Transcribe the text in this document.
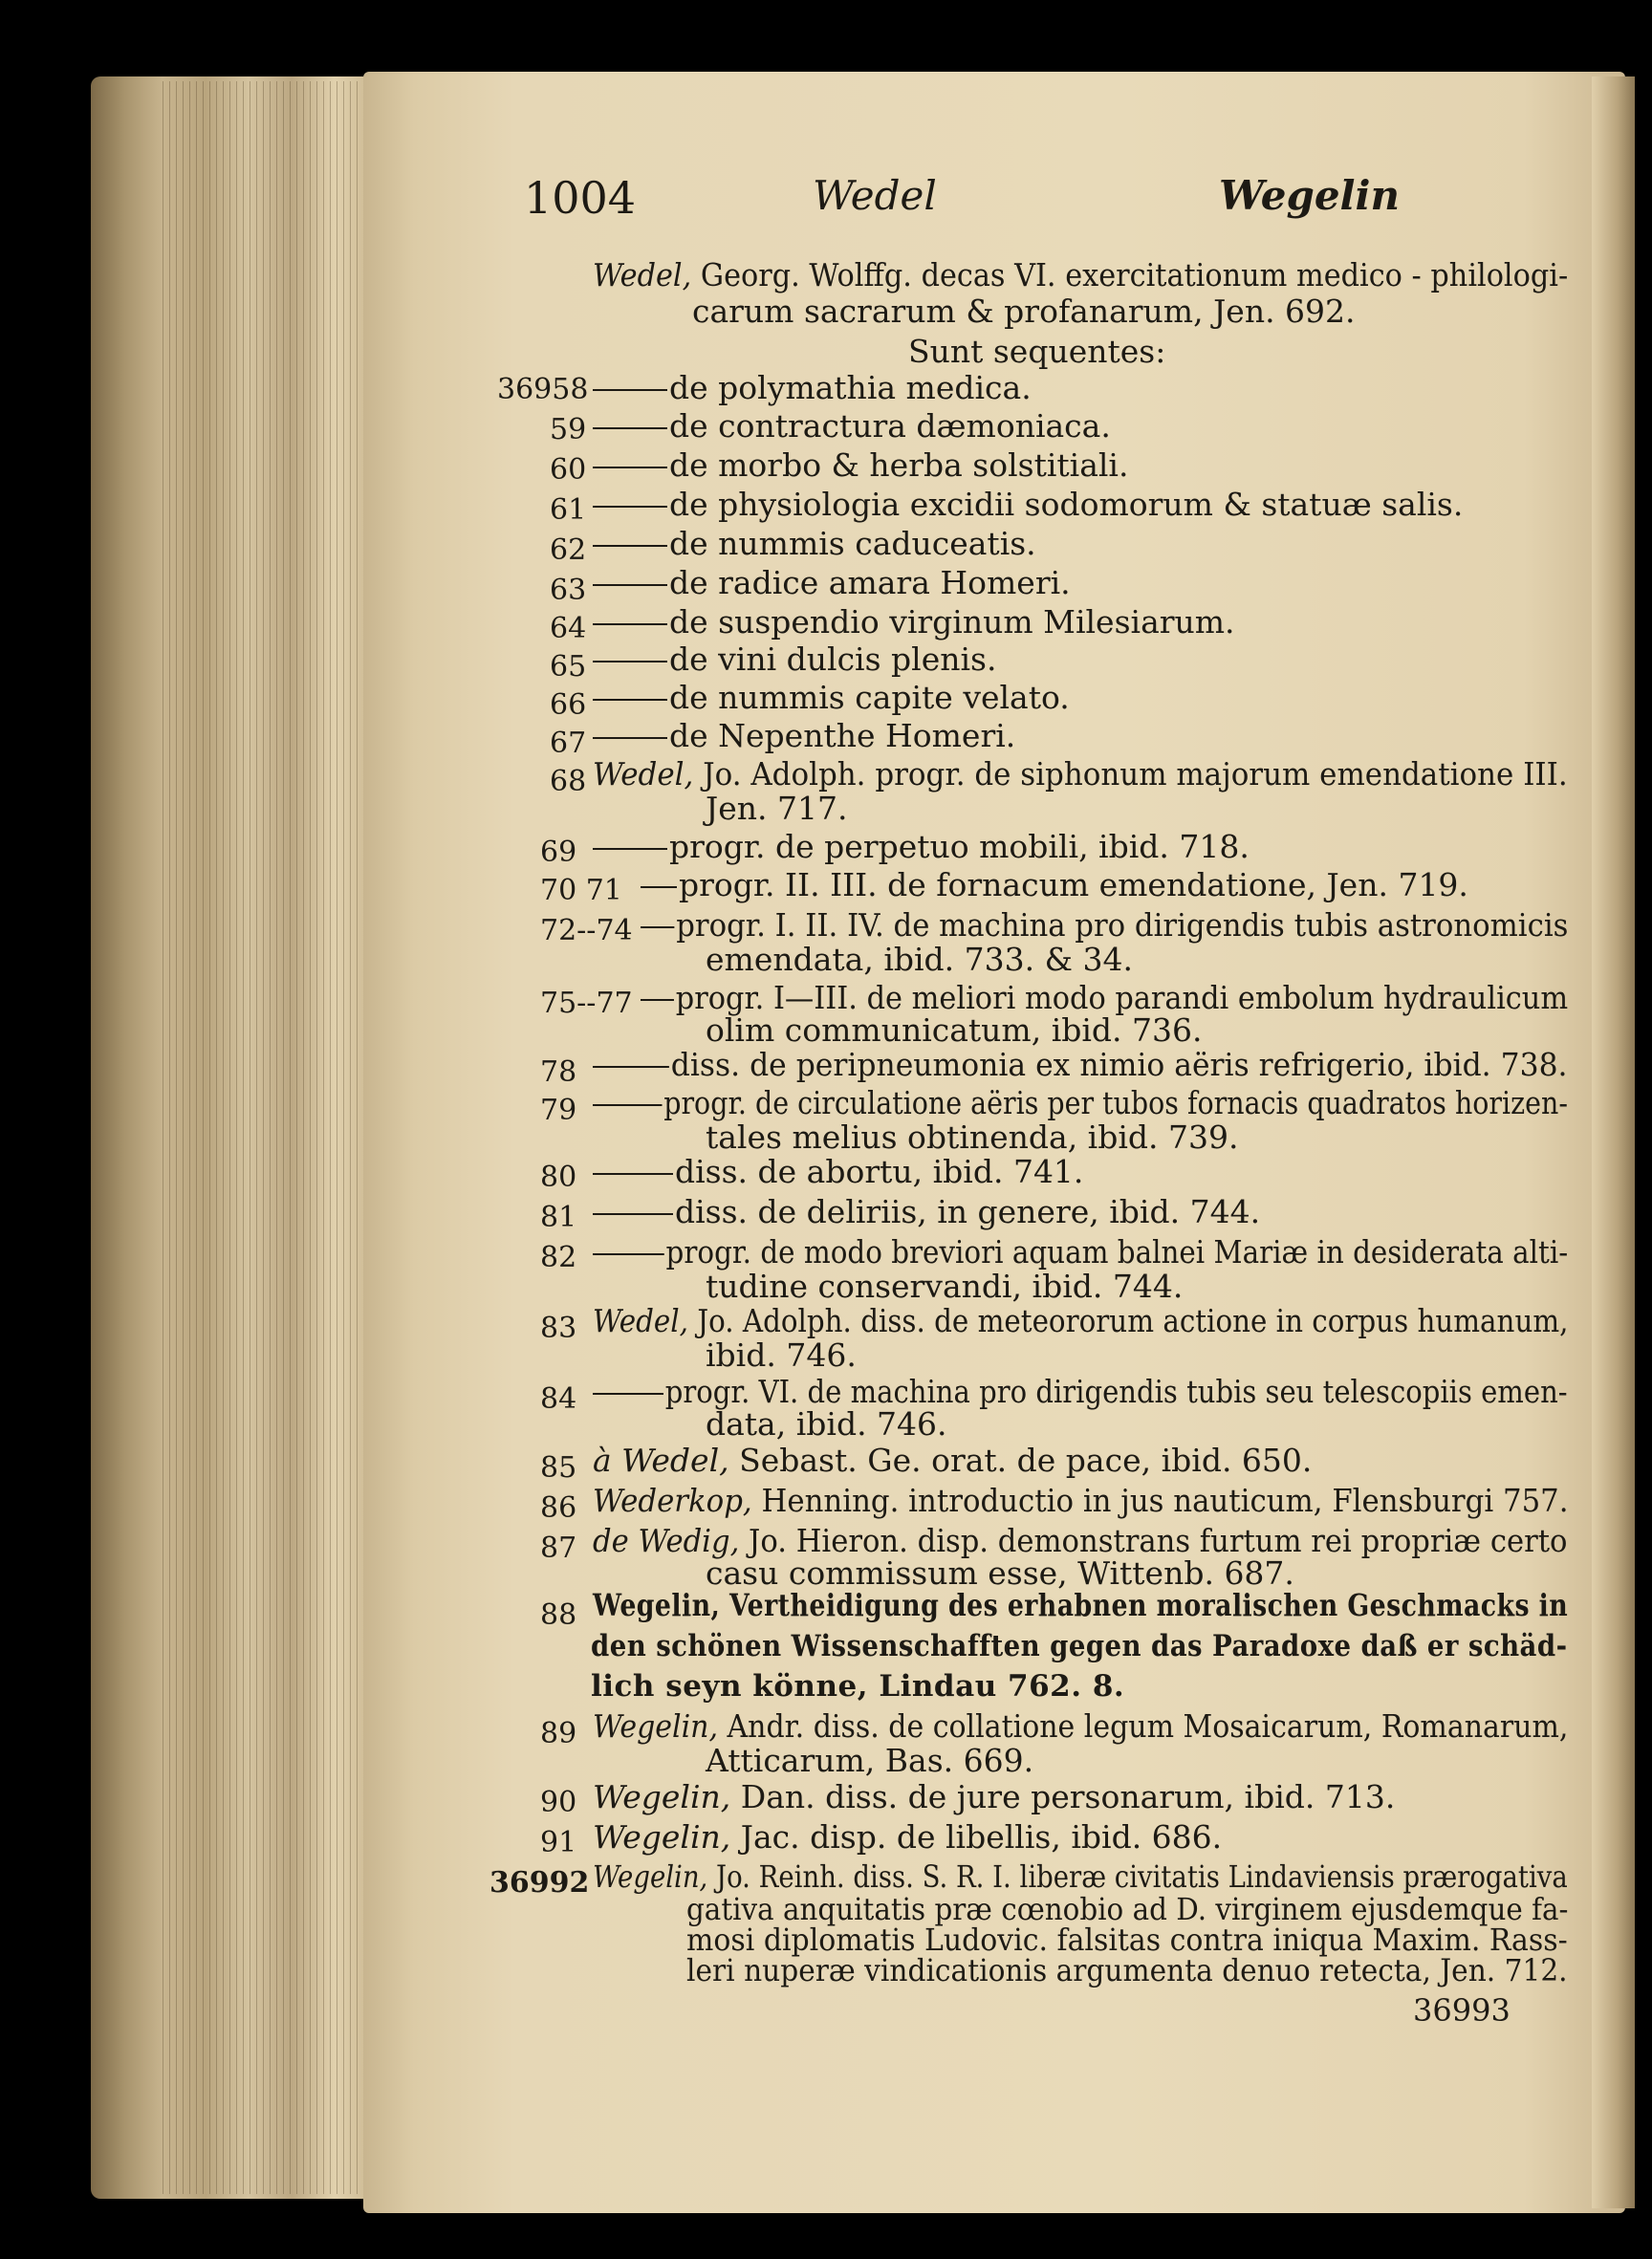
1004	Wedel	Wegelin
Wedel, Georg. Wolffg. decas VI. exercitationum medico - philologi-
carum sacrarum & profanarum, Jen. 692.
Sunt sequentes:
36958	de polymathia medica.
59	de contractura dæmoniaca.
60	de morbo & herba solstitiali.
61	de physiologia excidii sodomorum & statuæ salis.
62	de nummis caduceatis.
63	de radice amara Homeri.
64	de suspendio virginum Milesiarum.
65	de vini dulcis plenis.
66	de nummis capite velato.
67	de Nepenthe Homeri.
68 Wedel, Jo. Adolph. progr. de siphonum majorum emendatione III.
Jen. 717.
69	progr. de perpetuo mobili, ibid. 718.
70 71	progr. II. III. de fornacum emendatione, Jen. 719.
72--74	progr. I. II. IV. de machina pro dirigendis tubis astronomicis
emendata, ibid. 733. & 34.
75--77	progr. I—III. de meliori modo parandi embolum hydraulicum
olim communicatum, ibid. 736.
78	diss. de peripneumonia ex nimio aëris refrigerio, ibid. 738.
79	progr. de circulatione aëris per tubos fornacis quadratos horizen-
tales melius obtinenda, ibid. 739.
80	diss. de abortu, ibid. 741.
81	diss. de deliriis, in genere, ibid. 744.
82	progr. de modo breviori aquam balnei Mariæ in desiderata alti-
tudine conservandi, ibid. 744.
83 Wedel, Jo. Adolph. diss. de meteororum actione in corpus humanum,
ibid. 746.
84	progr. VI. de machina pro dirigendis tubis seu telescopiis emen-
data, ibid. 746.
85 à Wedel, Sebast. Ge. orat. de pace, ibid. 650.
86 Wederkop, Henning. introductio in jus nauticum, Flensburgi 757.
87 de Wedig, Jo. Hieron. disp. demonstrans furtum rei propriæ certo
casu commissum esse, Wittenb. 687.
88 Wegelin, Vertheidigung des erhabnen moralischen Geschmacks in
den schönen Wissenschafften gegen das Paradoxe daß er schäd-
lich seyn könne, Lindau 762. 8.
89 Wegelin, Andr. diss. de collatione legum Mosaicarum, Romanarum,
Atticarum, Bas. 669.
90 Wegelin, Dan. diss. de jure personarum, ibid. 713.
91 Wegelin, Jac. disp. de libellis, ibid. 686.
36992 Wegelin, Jo. Reinh. diss. S. R. I. liberæ civitatis Lindaviensis prærogativa
gativa anquitatis præ cœnobio ad D. virginem ejusdemque fa-
mosi diplomatis Ludovic. falsitas contra iniqua Maxim. Rass-
leri nuperæ vindicationis argumenta denuo retecta, Jen. 712.
36993
